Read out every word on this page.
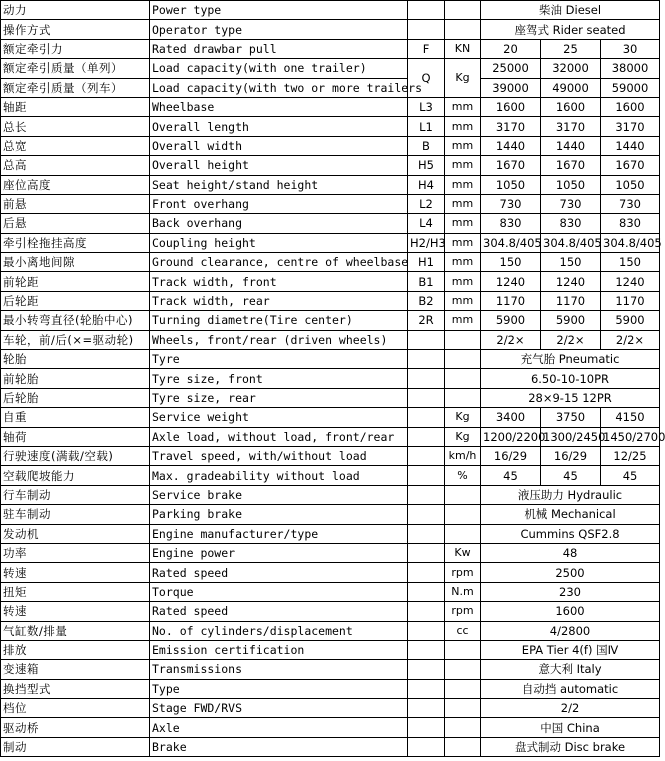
动力	Power type			柴油 Diesel		
操作方式	Operator type			座驾式 Rider seated		
额定牵引力	Rated drawbar pull	F	KN	20	25	30
额定牵引质量（单列）	Load capacity(with one trailer)	Q	Kg	25000	32000	38000
额定牵引质量（列车）	Load capacity(with two or more trailers			39000	49000	59000
轴距	Wheelbase	L3	mm	1600	1600	1600
总长	Overall length	L1	mm	3170	3170	3170
总宽	Overall width	B	mm	1440	1440	1440
总高	Overall height	H5	mm	1670	1670	1670
座位高度	Seat height/stand height	H4	mm	1050	1050	1050
前悬	Front overhang	L2	mm	730	730	730
后悬	Back overhang	L4	mm	830	830	830
牵引栓拖挂高度	Coupling height	H2/H3	mm	304.8/405	304.8/405	304.8/405
最小离地间隙	Ground clearance, centre of wheelbase	H1	mm	150	150	150
前轮距	Track width, front	B1	mm	1240	1240	1240
后轮距	Track width, rear	B2	mm	1170	1170	1170
最小转弯直径(轮胎中心)	Turning diametre(Tire center)	2R	mm	5900	5900	5900
车轮，前/后(×=驱动轮)	Wheels, front/rear (driven wheels)			2/2×	2/2×	2/2×
轮胎	Tyre			充气胎 Pneumatic		
前轮胎	Tyre size, front			6.50-10-10PR		
后轮胎	Tyre size, rear			28×9-15 12PR		
自重	Service weight		Kg	3400	3750	4150
轴荷	Axle load, without load, front/rear		Kg	1200/2200	1300/2450	1450/2700
行驶速度(满载/空载)	Travel speed, with/without load		km/h	16/29	16/29	12/25
空载爬坡能力	Max. gradeability without load		%	45	45	45
行车制动	Service brake			液压助力 Hydraulic		
驻车制动	Parking brake			机械 Mechanical		
发动机	Engine manufacturer/type			Cummins QSF2.8		
功率	Engine power		Kw	48		
转速	Rated speed		rpm	2500		
扭矩	Torque		N.m	230		
转速	Rated speed		rpm	1600		
气缸数/排量	No. of cylinders/displacement		cc	4/2800		
排放	Emission certification			EPA Tier 4(f) 国Ⅳ		
变速箱	Transmissions			意大利 Italy		
换挡型式	Type			自动挡 automatic		
档位	Stage FWD/RVS			2/2		
驱动桥	Axle			中国 China		
制动	Brake			盘式制动 Disc brake		
